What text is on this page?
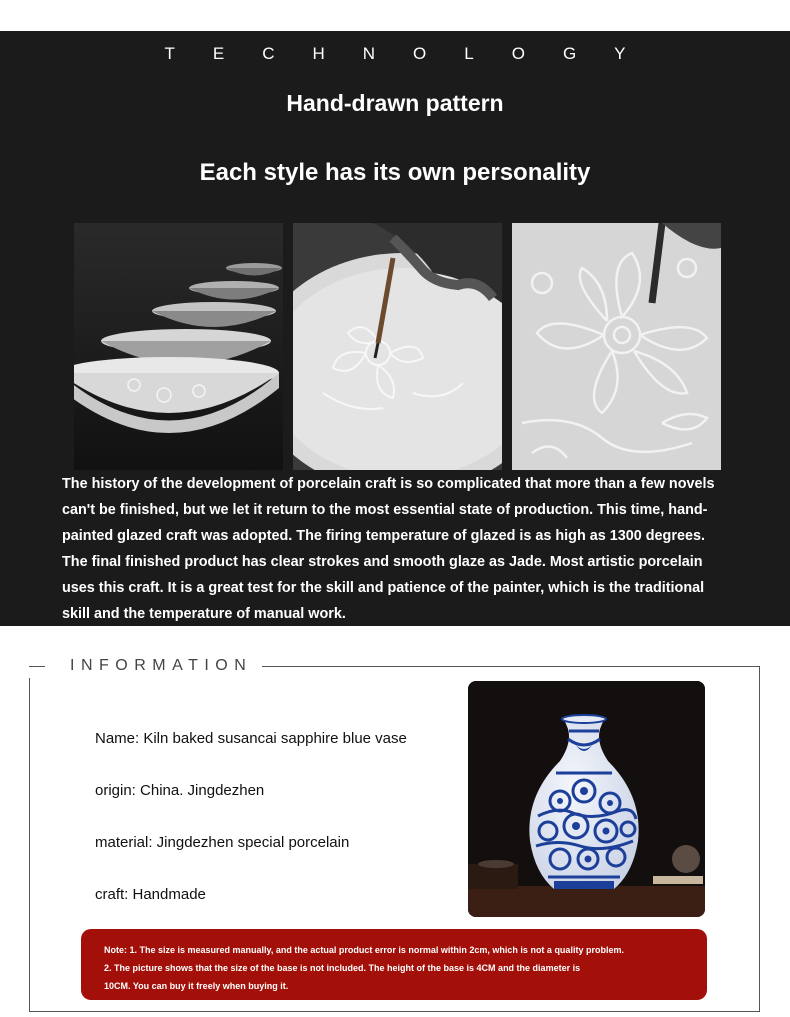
TECHNOLOGY
Hand-drawn pattern
Each style has its own personality
The history of the development of porcelain craft is so complicated that more than a few novels
can't be finished, but we let it return to the most essential state of production. This time, hand-
painted glazed craft was adopted. The firing temperature of glazed is as high as 1300 degrees.
The final finished product has clear strokes and smooth glaze as Jade. Most artistic porcelain
uses this craft. It is a great test for the skill and patience of the painter, which is the traditional
skill and the temperature of manual work.
INFORMATION
Name: Kiln baked susancai sapphire blue vase
origin: China. Jingdezhen
material: Jingdezhen special porcelain
craft: Handmade
Note: 1. The size is measured manually, and the actual product error is normal within 2cm, which is not a quality problem.
2. The picture shows that the size of the base is not included. The height of the base is 4CM and the diameter is
10CM. You can buy it freely when buying it.
